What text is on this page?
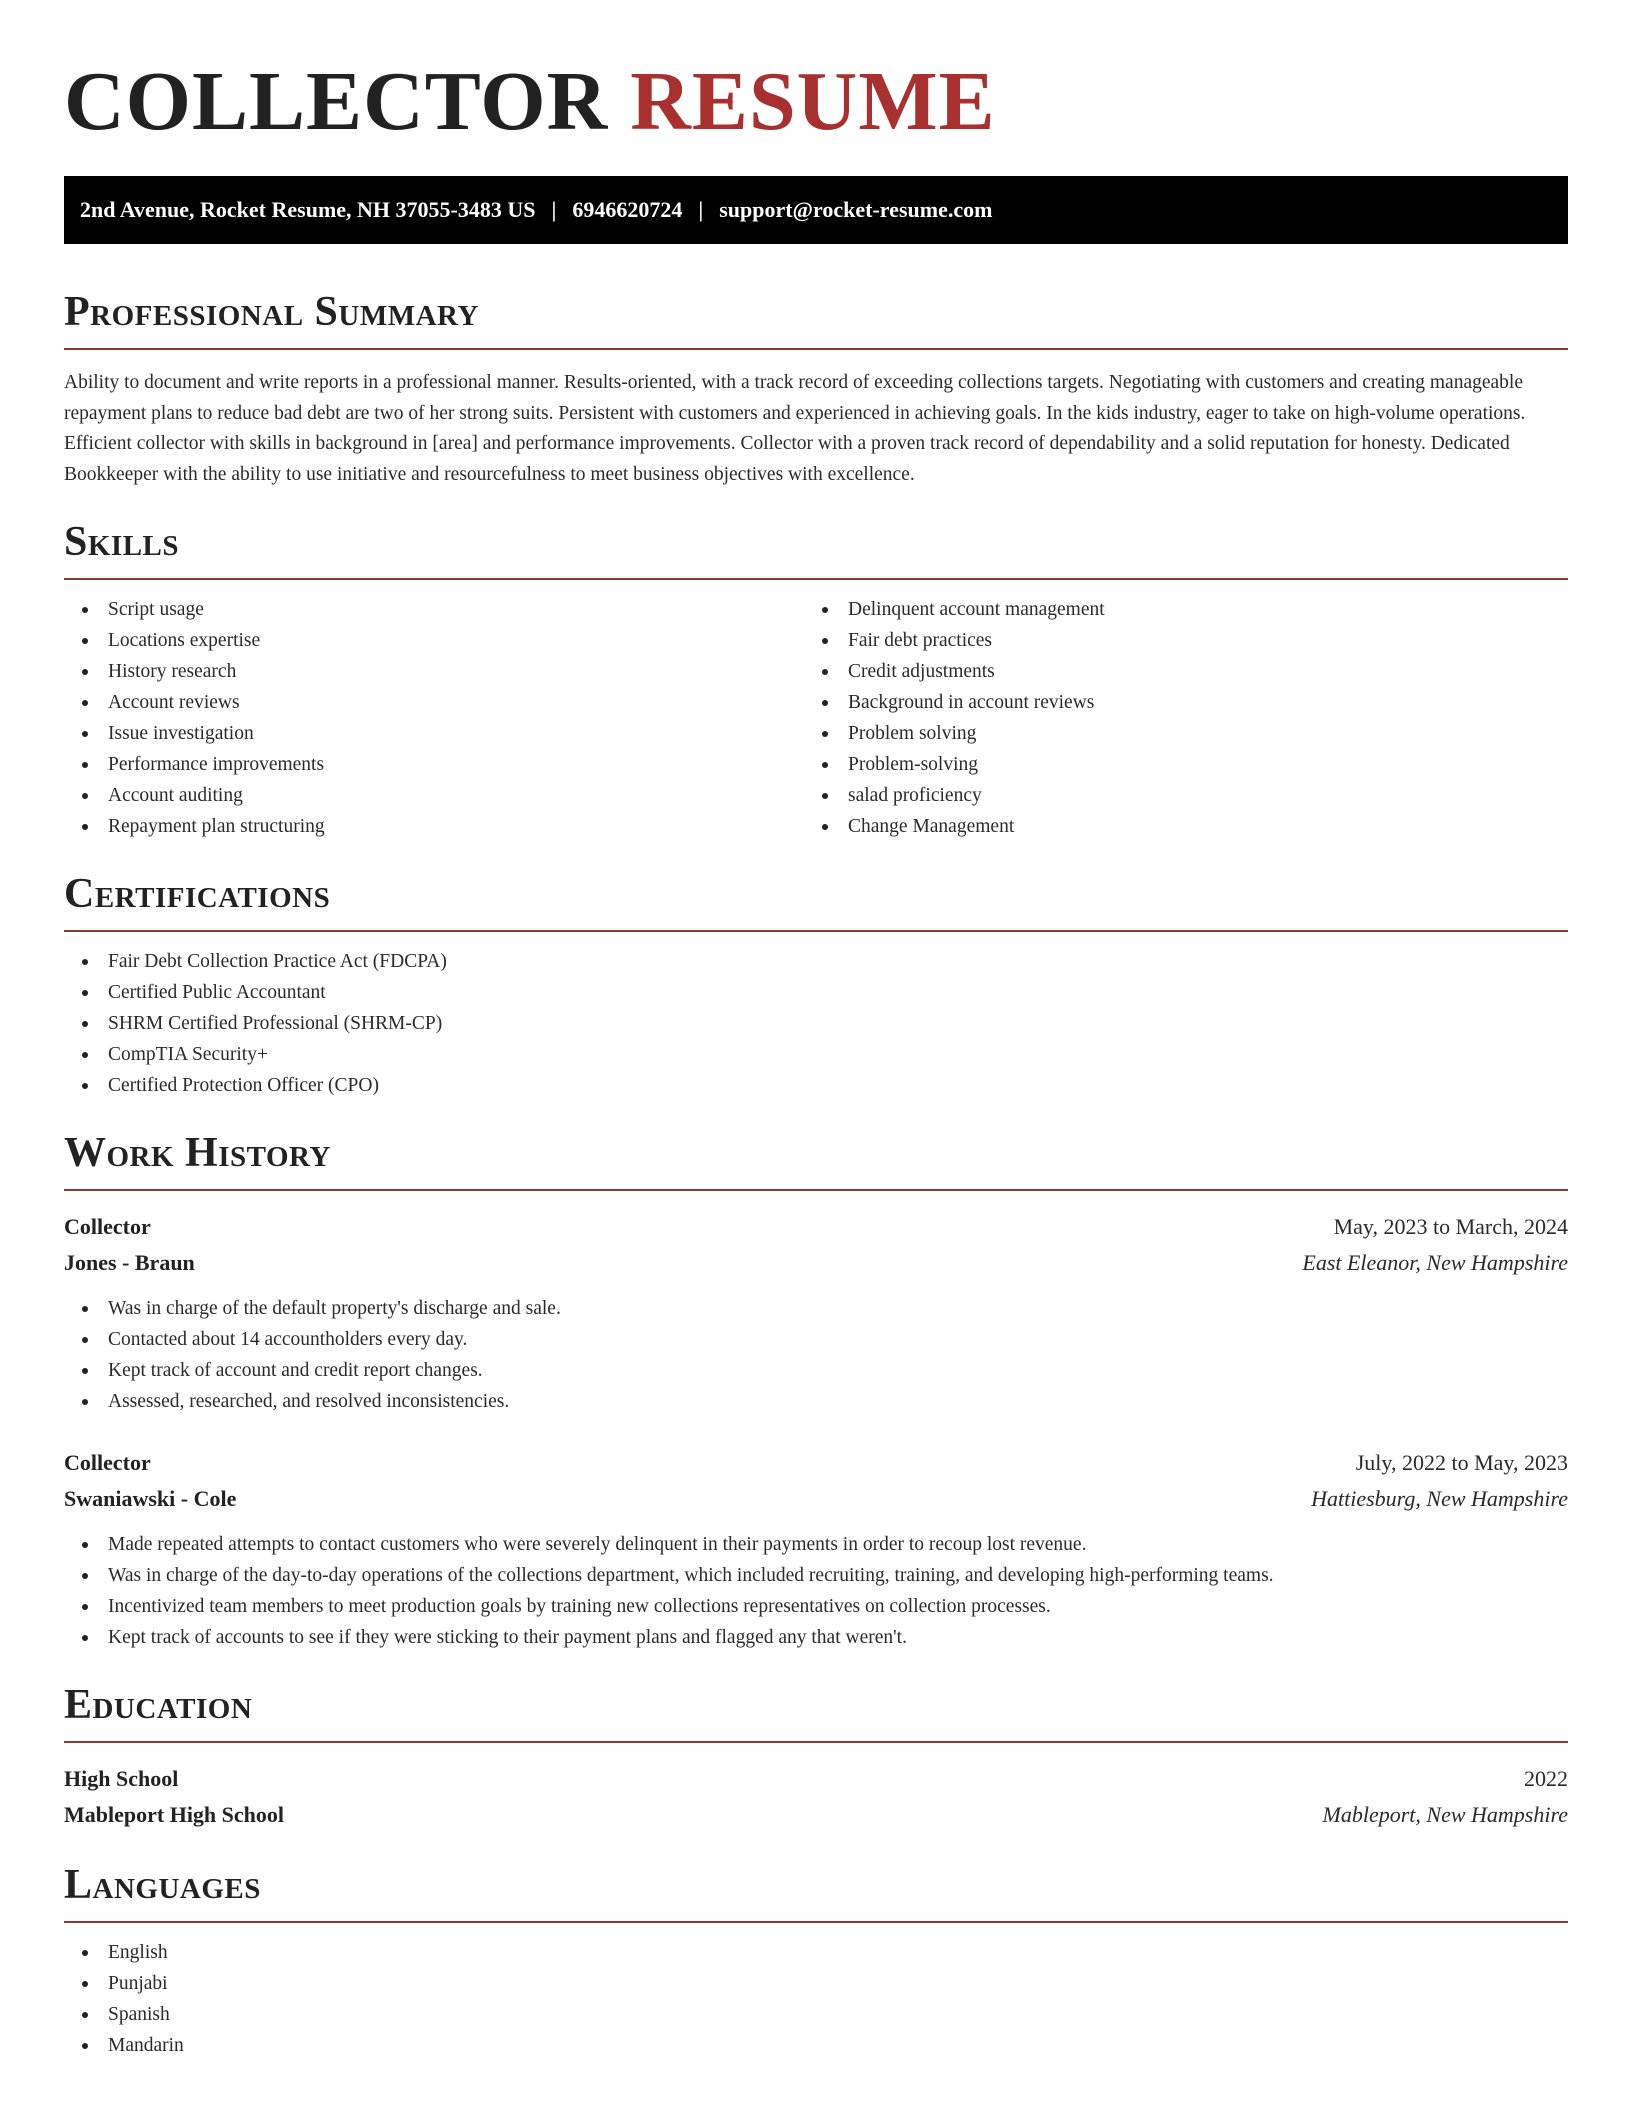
COLLECTOR RESUME
2nd Avenue, Rocket Resume, NH 37055-3483 US | 6946620724 | support@rocket-resume.com
Professional Summary

Ability to document and write reports in a professional manner. Results-oriented, with a track record of exceeding collections targets. Negotiating with customers and creating manageable repayment plans to reduce bad debt are two of her strong suits. Persistent with customers and experienced in achieving goals. In the kids industry, eager to take on high-volume operations. Efficient collector with skills in background in [area] and performance improvements. Collector with a proven track record of dependability and a solid reputation for honesty. Dedicated Bookkeeper with the ability to use initiative and resourcefulness to meet business objectives with excellence.

Skills
Script usage
Locations expertise
History research
Account reviews
Issue investigation
Performance improvements
Account auditing
Repayment plan structuring
Delinquent account management
Fair debt practices
Credit adjustments
Background in account reviews
Problem solving
Problem-solving
salad proficiency
Change Management
Certifications
Fair Debt Collection Practice Act (FDCPA)
Certified Public Accountant
SHRM Certified Professional (SHRM-CP)
CompTIA Security+
Certified Protection Officer (CPO)
Work History
Collector	May, 2023 to March, 2024
Jones - Braun	East Eleanor, New Hampshire
Was in charge of the default property's discharge and sale.
Contacted about 14 accountholders every day.
Kept track of account and credit report changes.
Assessed, researched, and resolved inconsistencies.
Collector	July, 2022 to May, 2023
Swaniawski - Cole	Hattiesburg, New Hampshire
Made repeated attempts to contact customers who were severely delinquent in their payments in order to recoup lost revenue.
Was in charge of the day-to-day operations of the collections department, which included recruiting, training, and developing high-performing teams.
Incentivized team members to meet production goals by training new collections representatives on collection processes.
Kept track of accounts to see if they were sticking to their payment plans and flagged any that weren't.
Education
High School	2022
Mableport High School	Mableport, New Hampshire
Languages
English
Punjabi
Spanish
Mandarin
